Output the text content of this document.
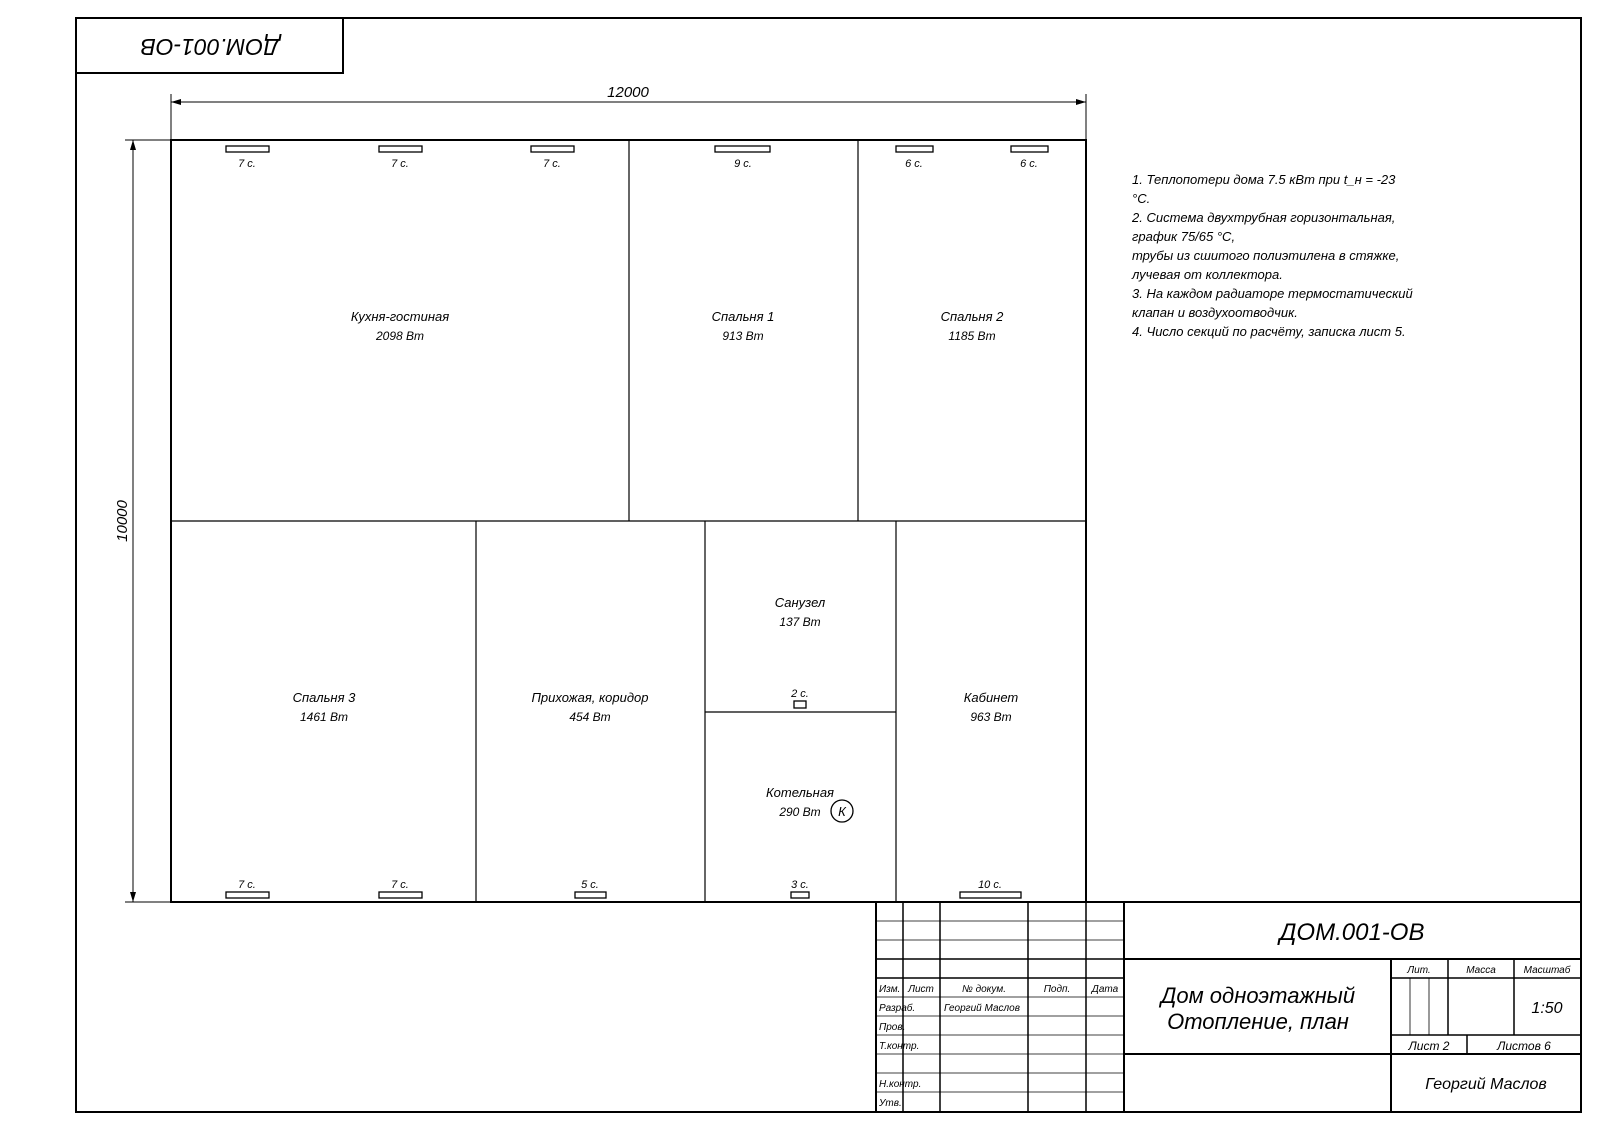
ДОМ.001-ОВ
12000
10000
Кухня-гостиная
2098 Вт
Спальня 1
913 Вт
Спальня 2
1185 Вт
Спальня 3
1461 Вт
Прихожая, коридор
454 Вт
Санузел
137 Вт
Котельная
290 Вт К
Кабинет
963 Вт
7 с.	7 с.	7 с.	9 с.	6 с.	6 с.
7 с.	7 с.	5 с.	3 с.	10 с.
2 с.
1. Теплопотери дома 7.5 кВт при t_н = -23
°С.
2. Система двухтрубная горизонтальная,
график 75/65 °С,
трубы из сшитого полиэтилена в стяжке,
лучевая от коллектора.
3. На каждом радиаторе термостатический
клапан и воздухоотводчик.
4. Число секций по расчёту, записка лист 5.
Изм. Лист	№ докум.	Подп. Дата
Разраб.	Георгий Маслов
Пров.
Т.контр.
Н.контр.
Утв.
ДОМ.001-ОВ
Дом одноэтажный
Отопление, план
Лит.	Масса	Масштаб
1:50
Лист 2	Листов 6
Георгий Маслов
